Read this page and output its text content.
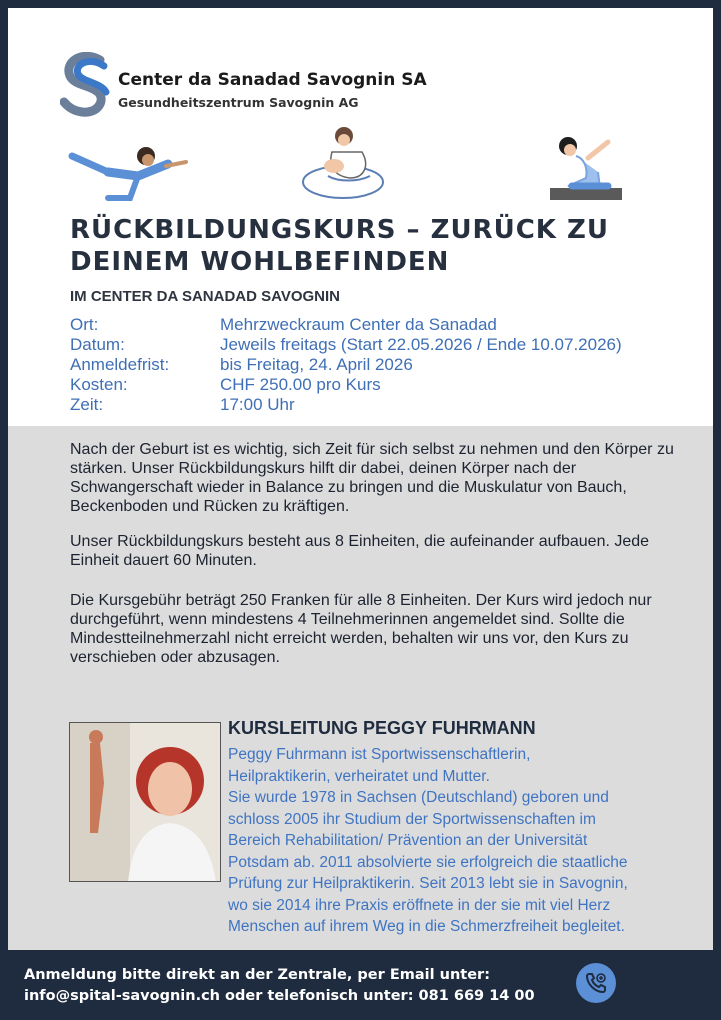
Center da Sanadad Savognin SA
Gesundheitszentrum Savognin AG
RÜCKBILDUNGSKURS – ZURÜCK ZU DEINEM WOHLBEFINDEN
IM CENTER DA SANADAD SAVOGNIN
Ort:	Mehrzweckraum Center da Sanadad
Datum:	Jeweils freitags (Start 22.05.2026 / Ende 10.07.2026)
Anmeldefrist:	bis Freitag, 24. April 2026
Kosten:	CHF 250.00 pro Kurs
Zeit:	17:00 Uhr

Nach der Geburt ist es wichtig, sich Zeit für sich selbst zu nehmen und den Körper zu stärken. Unser Rückbildungskurs hilft dir dabei, deinen Körper nach der Schwangerschaft wieder in Balance zu bringen und die Muskulatur von Bauch, Beckenboden und Rücken zu kräftigen.

Unser Rückbildungskurs besteht aus 8 Einheiten, die aufeinander aufbauen. Jede Einheit dauert 60 Minuten.

Die Kursgebühr beträgt 250 Franken für alle 8 Einheiten. Der Kurs wird jedoch nur durchgeführt, wenn mindestens 4 Teilnehmerinnen angemeldet sind. Sollte die Mindestteilnehmerzahl nicht erreicht werden, behalten wir uns vor, den Kurs zu verschieben oder abzusagen.

KURSLEITUNG PEGGY FUHRMANN

Peggy Fuhrmann ist Sportwissenschaftlerin,
Heilpraktikerin, verheiratet und Mutter.
Sie wurde 1978 in Sachsen (Deutschland) geboren und
schloss 2005 ihr Studium der Sportwissenschaften im
Bereich Rehabilitation/ Prävention an der Universität
Potsdam ab. 2011 absolvierte sie erfolgreich die staatliche
Prüfung zur Heilpraktikerin. Seit 2013 lebt sie in Savognin,
wo sie 2014 ihre Praxis eröffnete in der sie mit viel Herz
Menschen auf ihrem Weg in die Schmerzfreiheit begleitet.

Anmeldung bitte direkt an der Zentrale, per Email unter:
info@spital-savognin.ch oder telefonisch unter: 081 669 14 00
